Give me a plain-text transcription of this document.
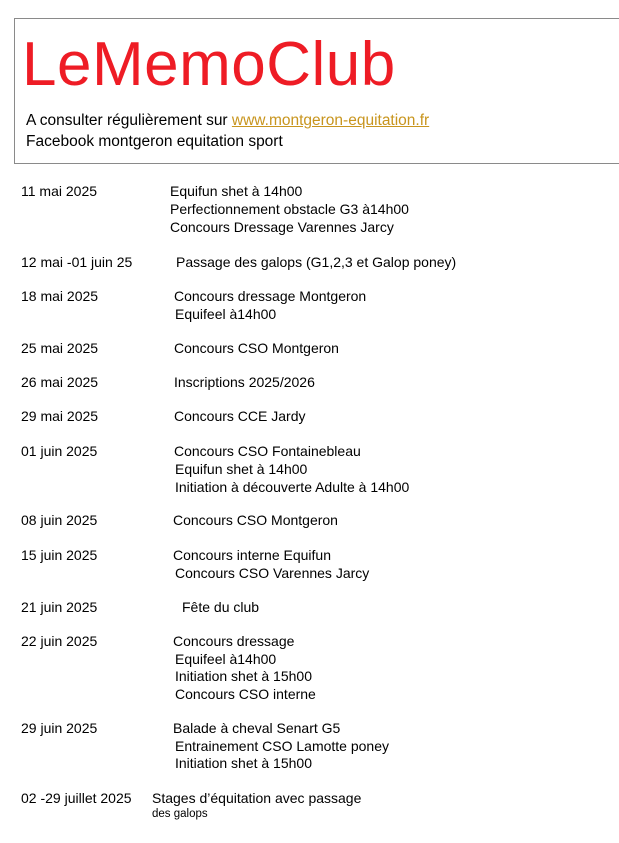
LeMemoClub
A consulter régulièrement sur www.montgeron-equitation.fr
Facebook montgeron equitation sport
11 mai 2025	Equifun shet à 14h00
Perfectionnement obstacle G3 à14h00
Concours Dressage Varennes Jarcy
12 mai -01 juin 25	Passage des galops (G1,2,3 et Galop poney)
18 mai 2025	Concours dressage Montgeron
Equifeel à14h00
25 mai 2025	Concours CSO Montgeron
26 mai 2025	Inscriptions 2025/2026
29 mai 2025	Concours CCE Jardy
01 juin 2025	Concours CSO Fontainebleau
Equifun shet à 14h00
Initiation à découverte Adulte à 14h00
08 juin 2025	Concours CSO Montgeron
15 juin 2025	Concours interne Equifun
Concours CSO Varennes Jarcy
21 juin 2025	Fête du club
22 juin 2025	Concours dressage
Equifeel à14h00
Initiation shet à 15h00
Concours CSO interne
29 juin 2025	Balade à cheval Senart G5
Entrainement CSO Lamotte poney
Initiation shet à 15h00
02 -29 juillet 2025 Stages d’équitation avec passage
des galops
